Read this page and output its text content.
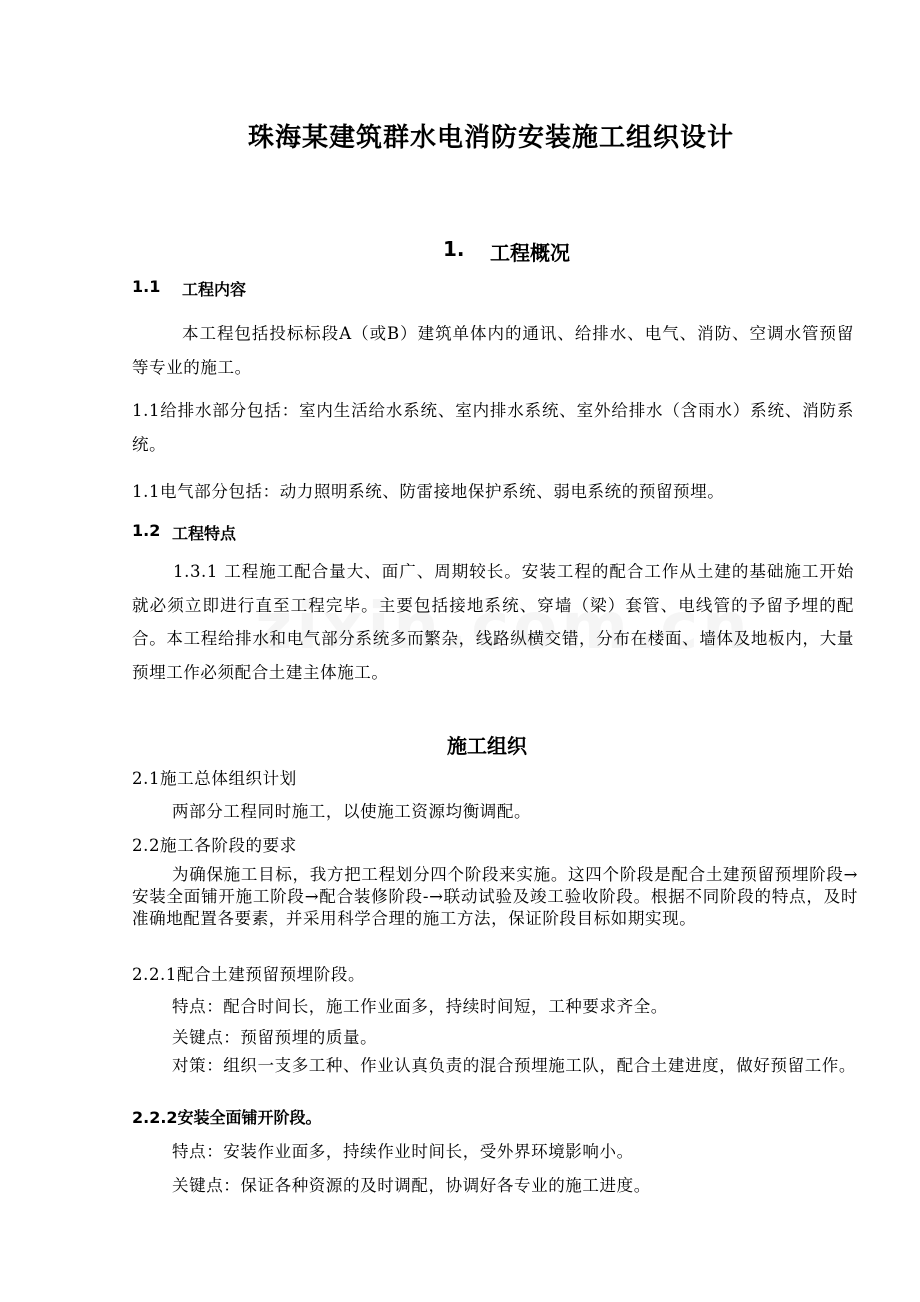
珠海某建筑群水电消防安装施工组织设计
1. 工程概况
1.1 工程内容
本工程包括投标标段A（或B）建筑单体内的通讯、给排水、电气、消防、空调水管预留等专业的施工。
1.1给排水部分包括：室内生活给水系统、室内排水系统、室外给排水（含雨水）系统、消防系统。
1.1电气部分包括：动力照明系统、防雷接地保护系统、弱电系统的预留预埋。
1.2 工程特点
1.3.1 工程施工配合量大、面广、周期较长。安装工程的配合工作从土建的基础施工开始就必须立即进行直至工程完毕。主要包括接地系统、穿墙（梁）套管、电线管的予留予埋的配合。本工程给排水和电气部分系统多而繁杂，线路纵横交错，分布在楼面、墙体及地板内，大量预埋工作必须配合土建主体施工。
施工组织
2.1施工总体组织计划
两部分工程同时施工，以使施工资源均衡调配。
2.2施工各阶段的要求
为确保施工目标，我方把工程划分四个阶段来实施。这四个阶段是配合土建预留预埋阶段→安装全面铺开施工阶段→配合装修阶段-→联动试验及竣工验收阶段。根据不同阶段的特点，及时准确地配置各要素，并采用科学合理的施工方法，保证阶段目标如期实现。
2.2.1配合土建预留预埋阶段。
特点：配合时间长，施工作业面多，持续时间短，工种要求齐全。
关键点：预留预埋的质量。
对策：组织一支多工种、作业认真负责的混合预埋施工队，配合土建进度，做好预留工作。
2.2.2安装全面铺开阶段。
特点：安装作业面多，持续作业时间长，受外界环境影响小。
关键点：保证各种资源的及时调配，协调好各专业的施工进度。
